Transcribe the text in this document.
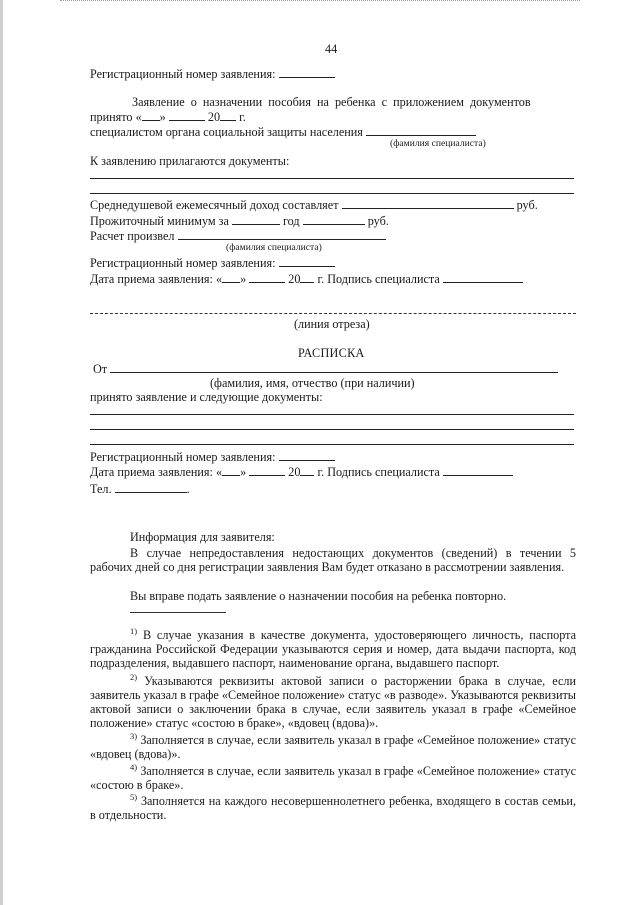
44
Регистрационный номер заявления:
Заявление о назначении пособия на ребенка с приложением документов
принято « »	20 г.
специалистом органа социальной защиты населения
(фамилия специалиста)
К заявлению прилагаются документы:
Среднедушевой ежемесячный доход составляет	руб.
Прожиточный минимум за	год	руб.
Расчет произвел
(фамилия специалиста)
Регистрационный номер заявления:
Дата приема заявления: « »	20 г. Подпись специалиста
(линия отреза)
РАСПИСКА
От
(фамилия, имя, отчество (при наличии)
принято заявление и следующие документы:
Регистрационный номер заявления:
Дата приема заявления: « »	20 г. Подпись специалиста
Тел.	.
Информация для заявителя:
В случае непредоставления недостающих документов (сведений) в течении 5 рабочих дней со дня регистрации заявления Вам будет отказано в рассмотрении заявления.
Вы вправе подать заявление о назначении пособия на ребенка повторно.
$^{1)}$ В случае указания в качестве документа, удостоверяющего личность, паспорта гражданина Российской Федерации указываются серия и номер, дата выдачи паспорта, код подразделения, выдавшего паспорт, наименование органа, выдавшего паспорт.
$^{2)}$ Указываются реквизиты актовой записи о расторжении брака в случае, если заявитель указал в графе «Семейное положение» статус «в разводе». Указываются реквизиты актовой записи о заключении брака в случае, если заявитель указал в графе «Семейное положение» статус «состою в браке», «вдовец (вдова)».
$^{3)}$ Заполняется в случае, если заявитель указал в графе «Семейное положение» статус «вдовец (вдова)».
$^{4)}$ Заполняется в случае, если заявитель указал в графе «Семейное положение» статус «состою в браке».
$^{5)}$ Заполняется на каждого несовершеннолетнего ребенка, входящего в состав семьи, в отдельности.
